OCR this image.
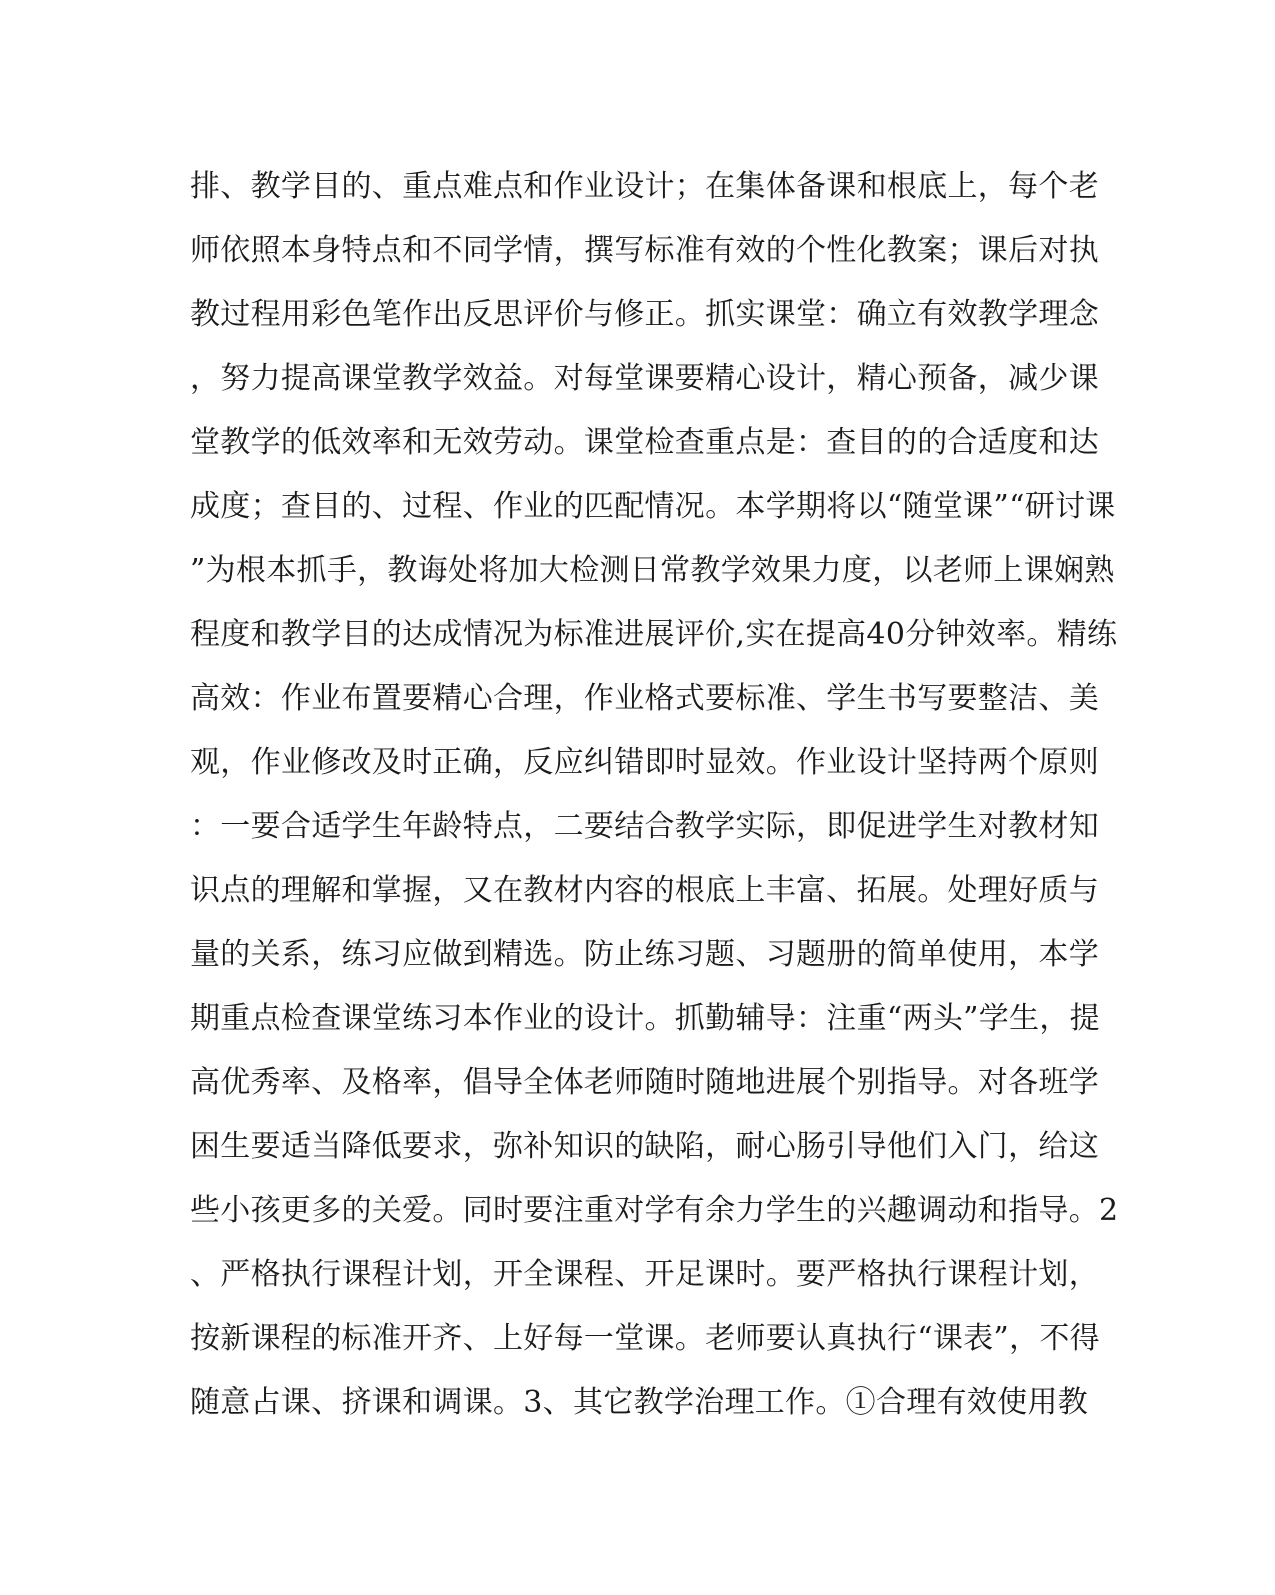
排、教学目的、重点难点和作业设计；在集体备课和根底上，每个老
师依照本身特点和不同学情，撰写标准有效的个性化教案；课后对执
教过程用彩色笔作出反思评价与修正。抓实课堂：确立有效教学理念
，努力提高课堂教学效益。对每堂课要精心设计，精心预备，减少课
堂教学的低效率和无效劳动。课堂检查重点是：查目的的合适度和达
成度；查目的、过程、作业的匹配情况。本学期将以“随堂课”“研讨课
”为根本抓手，教诲处将加大检测日常教学效果力度，以老师上课娴熟
程度和教学目的达成情况为标准进展评价,实在提高40分钟效率。精练
高效：作业布置要精心合理，作业格式要标准、学生书写要整洁、美
观，作业修改及时正确，反应纠错即时显效。作业设计坚持两个原则
：一要合适学生年龄特点，二要结合教学实际，即促进学生对教材知
识点的理解和掌握，又在教材内容的根底上丰富、拓展。处理好质与
量的关系，练习应做到精选。防止练习题、习题册的简单使用，本学
期重点检查课堂练习本作业的设计。抓勤辅导：注重“两头”学生，提
高优秀率、及格率，倡导全体老师随时随地进展个别指导。对各班学
困生要适当降低要求，弥补知识的缺陷，耐心肠引导他们入门，给这
些小孩更多的关爱。同时要注重对学有余力学生的兴趣调动和指导。2
、严格执行课程计划，开全课程、开足课时。要严格执行课程计划，
按新课程的标准开齐、上好每一堂课。老师要认真执行“课表”，不得
随意占课、挤课和调课。3、其它教学治理工作。①合理有效使用教
